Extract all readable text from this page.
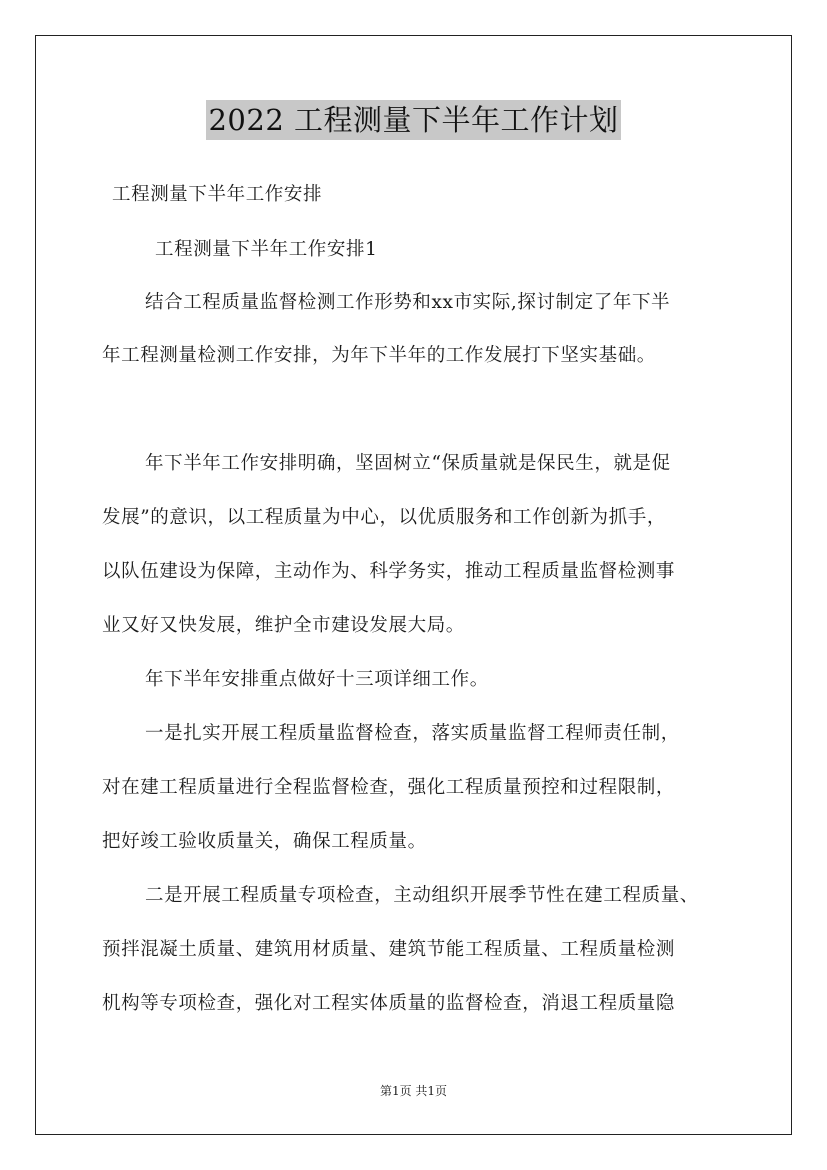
2022 工程测量下半年工作计划
工程测量下半年工作安排
工程测量下半年工作安排1
结合工程质量监督检测工作形势和xx市实际,探讨制定了年下半
年工程测量检测工作安排，为年下半年的工作发展打下坚实基础。
年下半年工作安排明确，坚固树立“保质量就是保民生，就是促
发展”的意识，以工程质量为中心，以优质服务和工作创新为抓手，
以队伍建设为保障，主动作为、科学务实，推动工程质量监督检测事
业又好又快发展，维护全市建设发展大局。
年下半年安排重点做好十三项详细工作。
一是扎实开展工程质量监督检查，落实质量监督工程师责任制，
对在建工程质量进行全程监督检查，强化工程质量预控和过程限制，
把好竣工验收质量关，确保工程质量。
二是开展工程质量专项检查，主动组织开展季节性在建工程质量、
预拌混凝土质量、建筑用材质量、建筑节能工程质量、工程质量检测
机构等专项检查，强化对工程实体质量的监督检查，消退工程质量隐
第1页 共1页
